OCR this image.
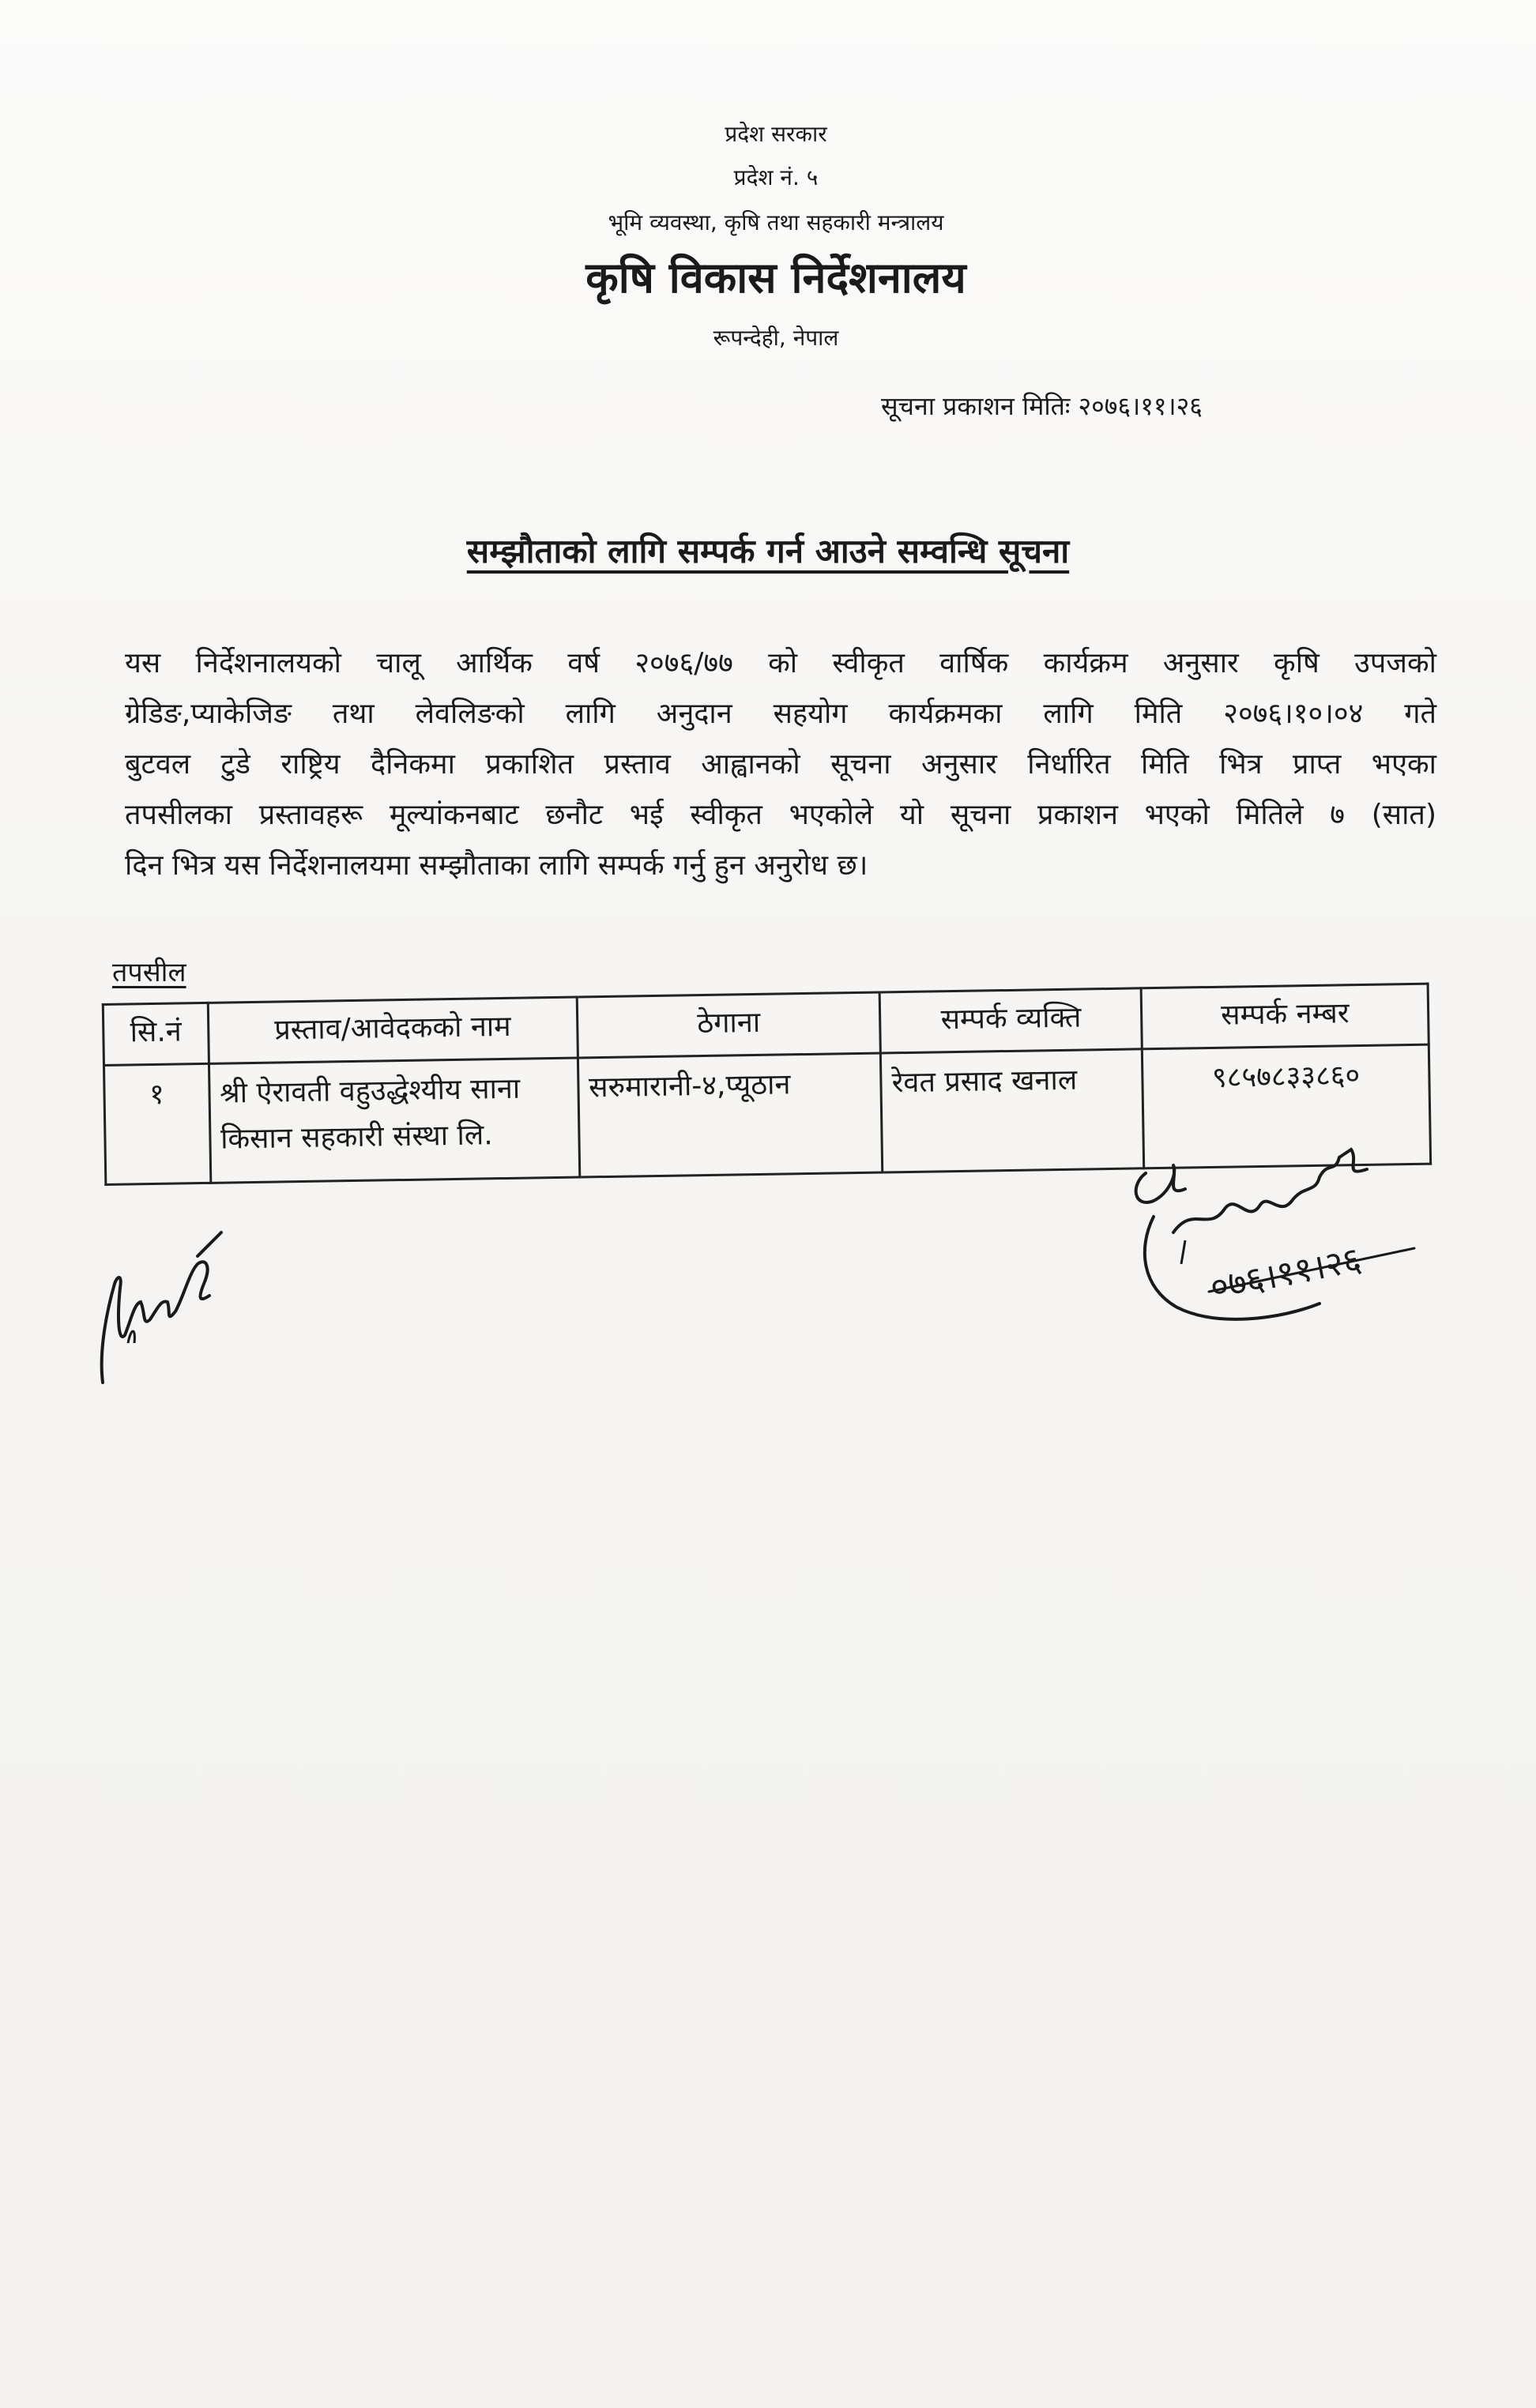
प्रदेश सरकार
प्रदेश नं. ५
भूमि व्यवस्था, कृषि तथा सहकारी मन्त्रालय
कृषि विकास निर्देशनालय
रूपन्देही, नेपाल
सूचना प्रकाशन मितिः २०७६।११।२६
सम्झौताको लागि सम्पर्क गर्न आउने सम्वन्धि सूचना
यस निर्देशनालयको चालू आर्थिक वर्ष २०७६/७७ को स्वीकृत वार्षिक कार्यक्रम अनुसार कृषि उपजको
ग्रेडिङ,प्याकेजिङ तथा लेवलिङको लागि अनुदान सहयोग कार्यक्रमका लागि मिति २०७६।१०।०४ गते
बुटवल टुडे राष्ट्रिय दैनिकमा प्रकाशित प्रस्ताव आह्वानको सूचना अनुसार निर्धारित मिति भित्र प्राप्त भएका
तपसीलका प्रस्तावहरू मूल्यांकनबाट छनौट भई स्वीकृत भएकोले यो सूचना प्रकाशन भएको मितिले ७ (सात)
दिन भित्र यस निर्देशनालयमा सम्झौताका लागि सम्पर्क गर्नु हुन अनुरोध छ।
तपसील
सि.नं	प्रस्ताव/आवेदकको नाम	ठेगाना	सम्पर्क व्यक्ति	सम्पर्क नम्बर
१	श्री ऐरावती वहुउद्धेश्यीय साना किसान सहकारी संस्था लि.	सरुमारानी-४,प्यूठान	रेवत प्रसाद खनाल	९८५७८३३८६०
०७६।११।२६
